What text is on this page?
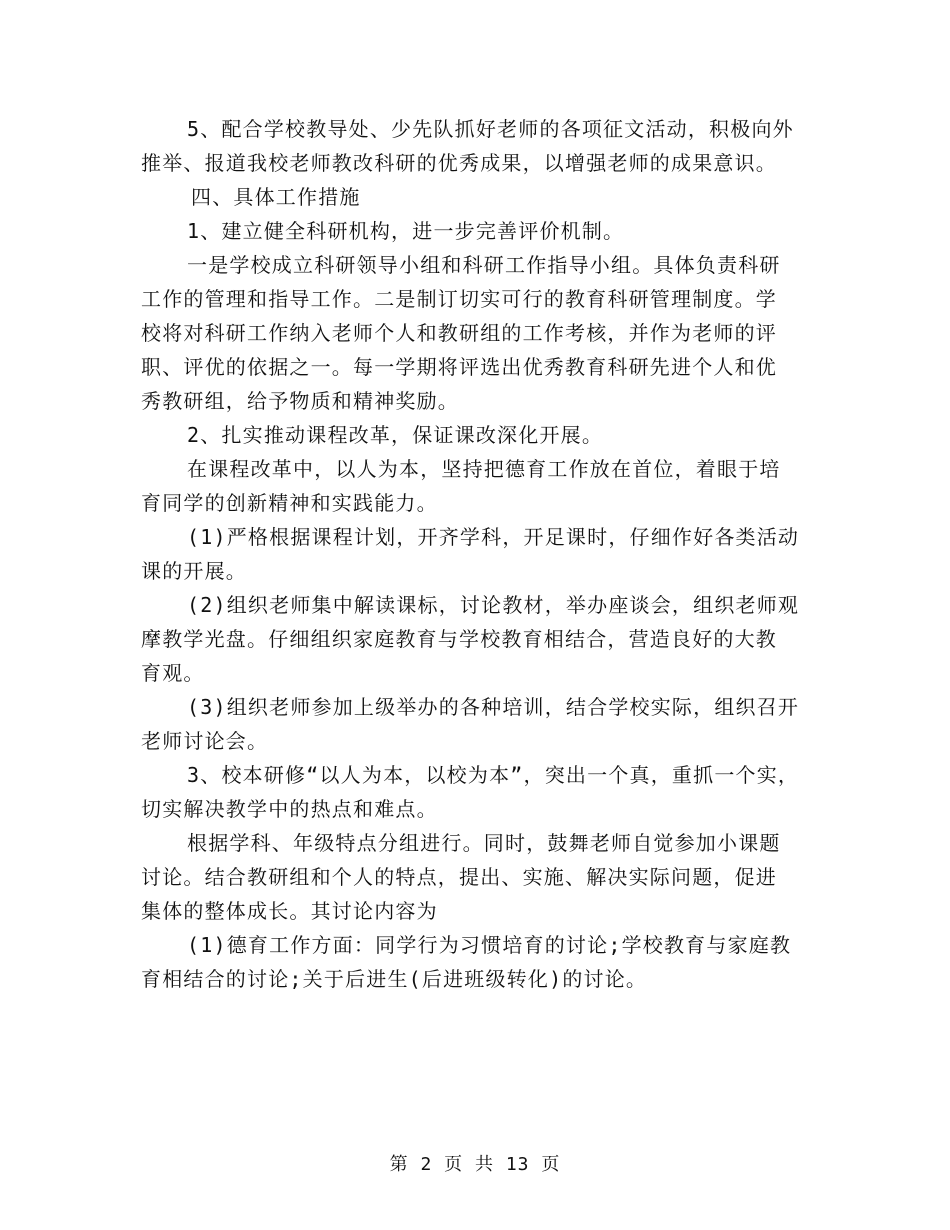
5、配合学校教导处、少先队抓好老师的各项征文活动，积极向外
推举、报道我校老师教改科研的优秀成果，以增强老师的成果意识。

四、具体工作措施

1、建立健全科研机构，进一步完善评价机制。

一是学校成立科研领导小组和科研工作指导小组。具体负责科研
工作的管理和指导工作。二是制订切实可行的教育科研管理制度。学
校将对科研工作纳入老师个人和教研组的工作考核，并作为老师的评
职、评优的依据之一。每一学期将评选出优秀教育科研先进个人和优
秀教研组，给予物质和精神奖励。

2、扎实推动课程改革，保证课改深化开展。

在课程改革中，以人为本，坚持把德育工作放在首位，着眼于培
育同学的创新精神和实践能力。

(1)严格根据课程计划，开齐学科，开足课时，仔细作好各类活动
课的开展。

(2)组织老师集中解读课标，讨论教材，举办座谈会，组织老师观
摩教学光盘。仔细组织家庭教育与学校教育相结合，营造良好的大教
育观。

(3)组织老师参加上级举办的各种培训，结合学校实际，组织召开
老师讨论会。

3、校本研修“以人为本，以校为本”，突出一个真，重抓一个实，
切实解决教学中的热点和难点。

根据学科、年级特点分组进行。同时，鼓舞老师自觉参加小课题
讨论。结合教研组和个人的特点，提出、实施、解决实际问题，促进
集体的整体成长。其讨论内容为

(1)德育工作方面：同学行为习惯培育的讨论;学校教育与家庭教
育相结合的讨论;关于后进生(后进班级转化)的讨论。

第 2 页 共 13 页
